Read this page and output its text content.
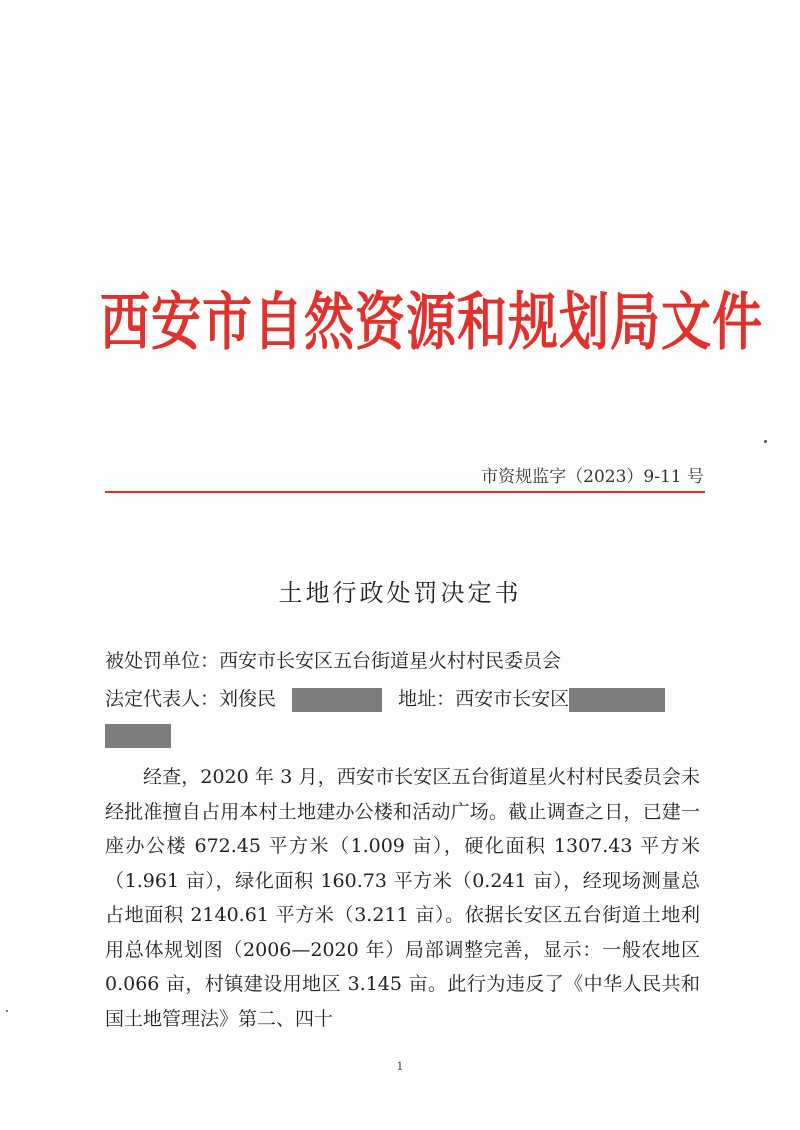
西安市自然资源和规划局文件
市资规监字（2023）9-11 号
土地行政处罚决定书
被处罚单位：西安市长安区五台街道星火村村民委员会
法定代表人：刘俊民	地址：西安市长安区
经查，2020 年 3 月，西安市长安区五台街道星火村村民委员会未经批准擅自占用本村土地建办公楼和活动广场。截止调查之日，已建一座办公楼 672.45 平方米（1.009 亩），硬化面积 1307.43 平方米（1.961 亩），绿化面积 160.73 平方米（0.241 亩），经现场测量总占地面积 2140.61 平方米（3.211 亩）。依据长安区五台街道土地利用总体规划图（2006—2020 年）局部调整完善，显示：一般农地区 0.066 亩，村镇建设用地区 3.145 亩。此行为违反了《中华人民共和国土地管理法》第二、四十
1
